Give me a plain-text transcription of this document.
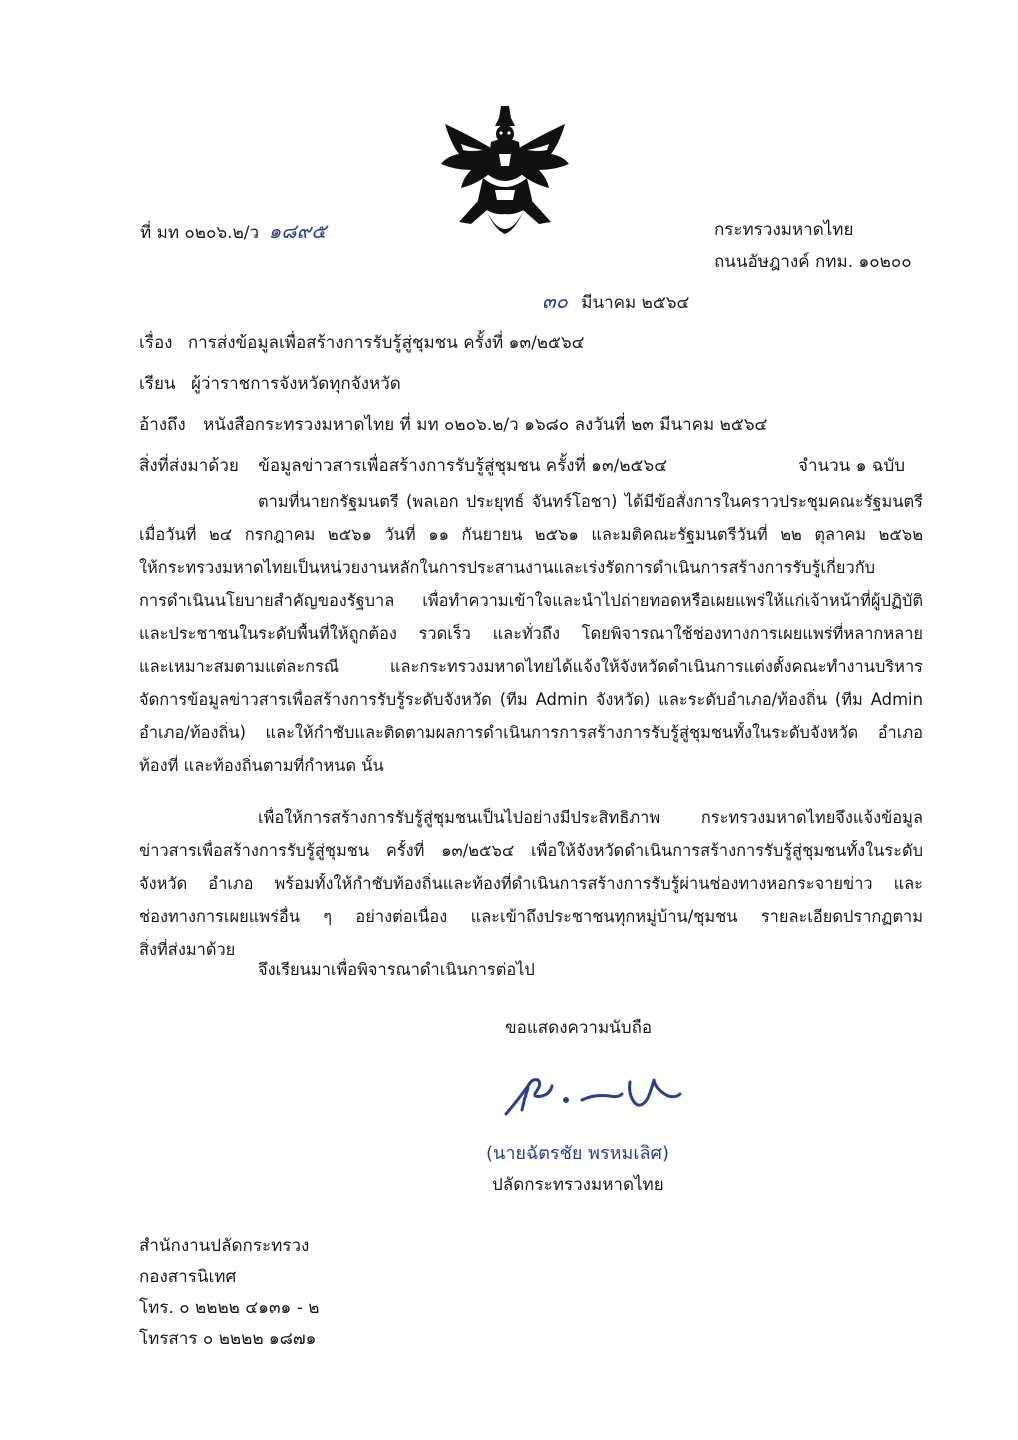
ที่ มท ๐๒๐๖.๒/ว ๑๘๙๕	กระทรวงมหาดไทย
ถนนอัษฎางค์ กทม. ๑๐๒๐๐
๓๐ มีนาคม ๒๕๖๔
เรื่อง การส่งข้อมูลเพื่อสร้างการรับรู้สู่ชุมชน ครั้งที่ ๑๓/๒๕๖๔
เรียน ผู้ว่าราชการจังหวัดทุกจังหวัด
อ้างถึง หนังสือกระทรวงมหาดไทย ที่ มท ๐๒๐๖.๒/ว ๑๖๘๐ ลงวันที่ ๒๓ มีนาคม ๒๕๖๔
สิ่งที่ส่งมาด้วย ข้อมูลข่าวสารเพื่อสร้างการรับรู้สู่ชุมชน ครั้งที่ ๑๓/๒๕๖๔	จำนวน ๑ ฉบับ
ตามที่นายกรัฐมนตรี (พลเอก ประยุทธ์ จันทร์โอชา) ได้มีข้อสั่งการในคราวประชุมคณะรัฐมนตรี
เมื่อวันที่ ๒๔ กรกฎาคม ๒๕๖๑ วันที่ ๑๑ กันยายน ๒๕๖๑ และมติคณะรัฐมนตรีวันที่ ๒๒ ตุลาคม ๒๕๖๒
ให้กระทรวงมหาดไทยเป็นหน่วยงานหลักในการประสานงานและเร่งรัดการดำเนินการสร้างการรับรู้เกี่ยวกับ
การดำเนินนโยบายสำคัญของรัฐบาล เพื่อทำความเข้าใจและนำไปถ่ายทอดหรือเผยแพร่ให้แก่เจ้าหน้าที่ผู้ปฏิบัติ
และประชาชนในระดับพื้นที่ให้ถูกต้อง รวดเร็ว และทั่วถึง โดยพิจารณาใช้ช่องทางการเผยแพร่ที่หลากหลาย
และเหมาะสมตามแต่ละกรณี และกระทรวงมหาดไทยได้แจ้งให้จังหวัดดำเนินการแต่งตั้งคณะทำงานบริหาร
จัดการข้อมูลข่าวสารเพื่อสร้างการรับรู้ระดับจังหวัด (ทีม Admin จังหวัด) และระดับอำเภอ/ท้องถิ่น (ทีม Admin
อำเภอ/ท้องถิ่น) และให้กำชับและติดตามผลการดำเนินการการสร้างการรับรู้สู่ชุมชนทั้งในระดับจังหวัด อำเภอ
ท้องที่ และท้องถิ่นตามที่กำหนด นั้น
เพื่อให้การสร้างการรับรู้สู่ชุมชนเป็นไปอย่างมีประสิทธิภาพ กระทรวงมหาดไทยจึงแจ้งข้อมูล
ข่าวสารเพื่อสร้างการรับรู้สู่ชุมชน ครั้งที่ ๑๓/๒๕๖๔ เพื่อให้จังหวัดดำเนินการสร้างการรับรู้สู่ชุมชนทั้งในระดับ
จังหวัด อำเภอ พร้อมทั้งให้กำชับท้องถิ่นและท้องที่ดำเนินการสร้างการรับรู้ผ่านช่องทางหอกระจายข่าว และ
ช่องทางการเผยแพร่อื่น ๆ อย่างต่อเนื่อง และเข้าถึงประชาชนทุกหมู่บ้าน/ชุมชน รายละเอียดปรากฏตาม
สิ่งที่ส่งมาด้วย
จึงเรียนมาเพื่อพิจารณาดำเนินการต่อไป
ขอแสดงความนับถือ
(นายฉัตรชัย พรหมเลิศ)
ปลัดกระทรวงมหาดไทย
สำนักงานปลัดกระทรวง
กองสารนิเทศ
โทร. ๐ ๒๒๒๒ ๔๑๓๑ - ๒
โทรสาร ๐ ๒๒๒๒ ๑๘๗๑
